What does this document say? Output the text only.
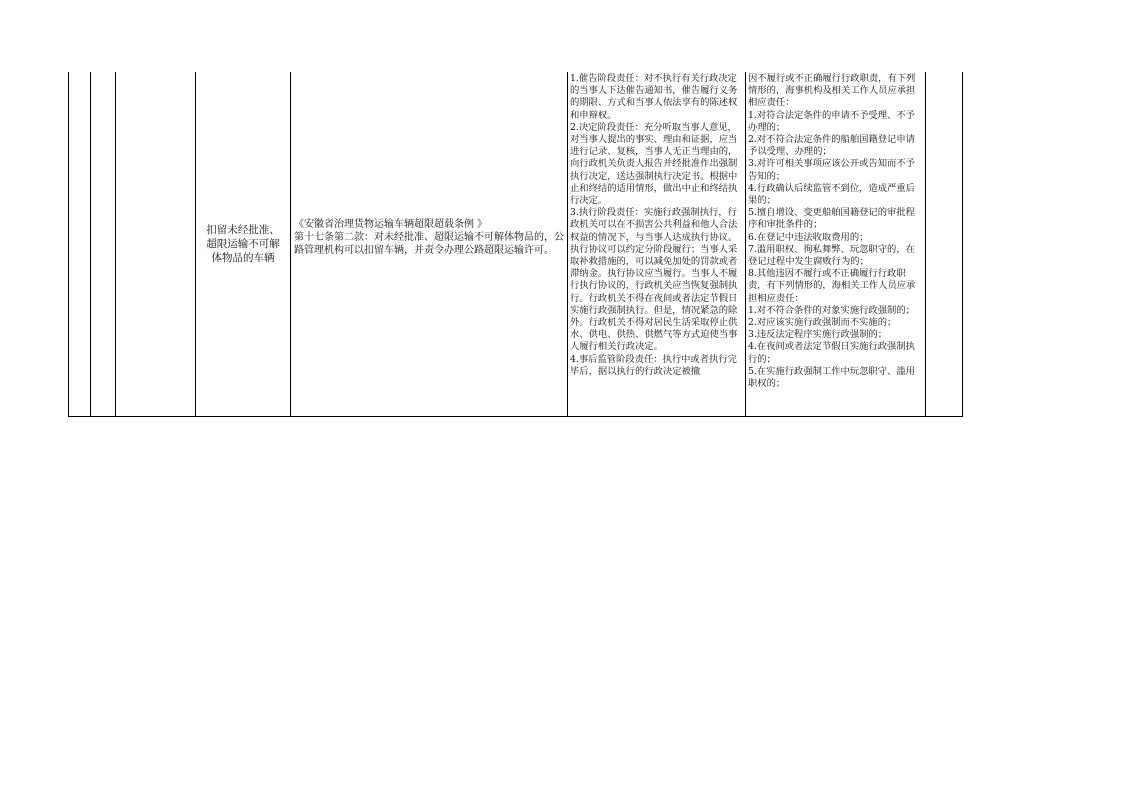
扣留未经批准、超限运输不可解体物品的车辆
《安徽省治理货物运输车辆超限超载条例 》
第十七条第二款：对未经批准、超限运输不可解体物品的，公路管理机构可以扣留车辆，并责令办理公路超限运输许可。
1.催告阶段责任：对不执行有关行政决定的当事人下达催告通知书，催告履行义务的期限、方式和当事人依法享有的陈述权和申辩权。
2.决定阶段责任：充分听取当事人意见，对当事人提出的事实、理由和证据，应当进行记录、复核，当事人无正当理由的，向行政机关负责人报告并经批准作出强制执行决定，送达强制执行决定书。根据中止和终结的适用情形，做出中止和终结执行决定。
3.执行阶段责任：实施行政强制执行，行政机关可以在不损害公共利益和他人合法权益的情况下，与当事人达成执行协议。执行协议可以约定分阶段履行；当事人采取补救措施的，可以减免加处的罚款或者滞纳金。执行协议应当履行。当事人不履行执行协议的，行政机关应当恢复强制执行。行政机关不得在夜间或者法定节假日实施行政强制执行。但是，情况紧急的除外。行政机关不得对居民生活采取停止供水、供电、供热、供燃气等方式迫使当事人履行相关行政决定。
4.事后监管阶段责任：执行中或者执行完毕后，据以执行的行政决定被撤
因不履行或不正确履行行政职责，有下列情形的，海事机构及相关工作人员应承担相应责任：
1.对符合法定条件的申请不予受理、不予办理的；
2.对不符合法定条件的船舶国籍登记申请予以受理、办理的；
3.对许可相关事项应该公开或告知而不予告知的；
4.行政确认后续监管不到位，造成严重后果的；
5.擅自增设、变更船舶国籍登记的审批程序和审批条件的；
6.在登记中违法收取费用的；
7.滥用职权、徇私舞弊、玩忽职守的，在登记过程中发生腐败行为的；
8.其他违因不履行或不正确履行行政职责，有下列情形的，海相关工作人员应承担相应责任：
1.对不符合条件的对象实施行政强制的；
2.对应该实施行政强制而不实施的；
3.违反法定程序实施行政强制的；
4.在夜间或者法定节假日实施行政强制执行的；
5.在实施行政强制工作中玩忽职守、滥用职权的；
